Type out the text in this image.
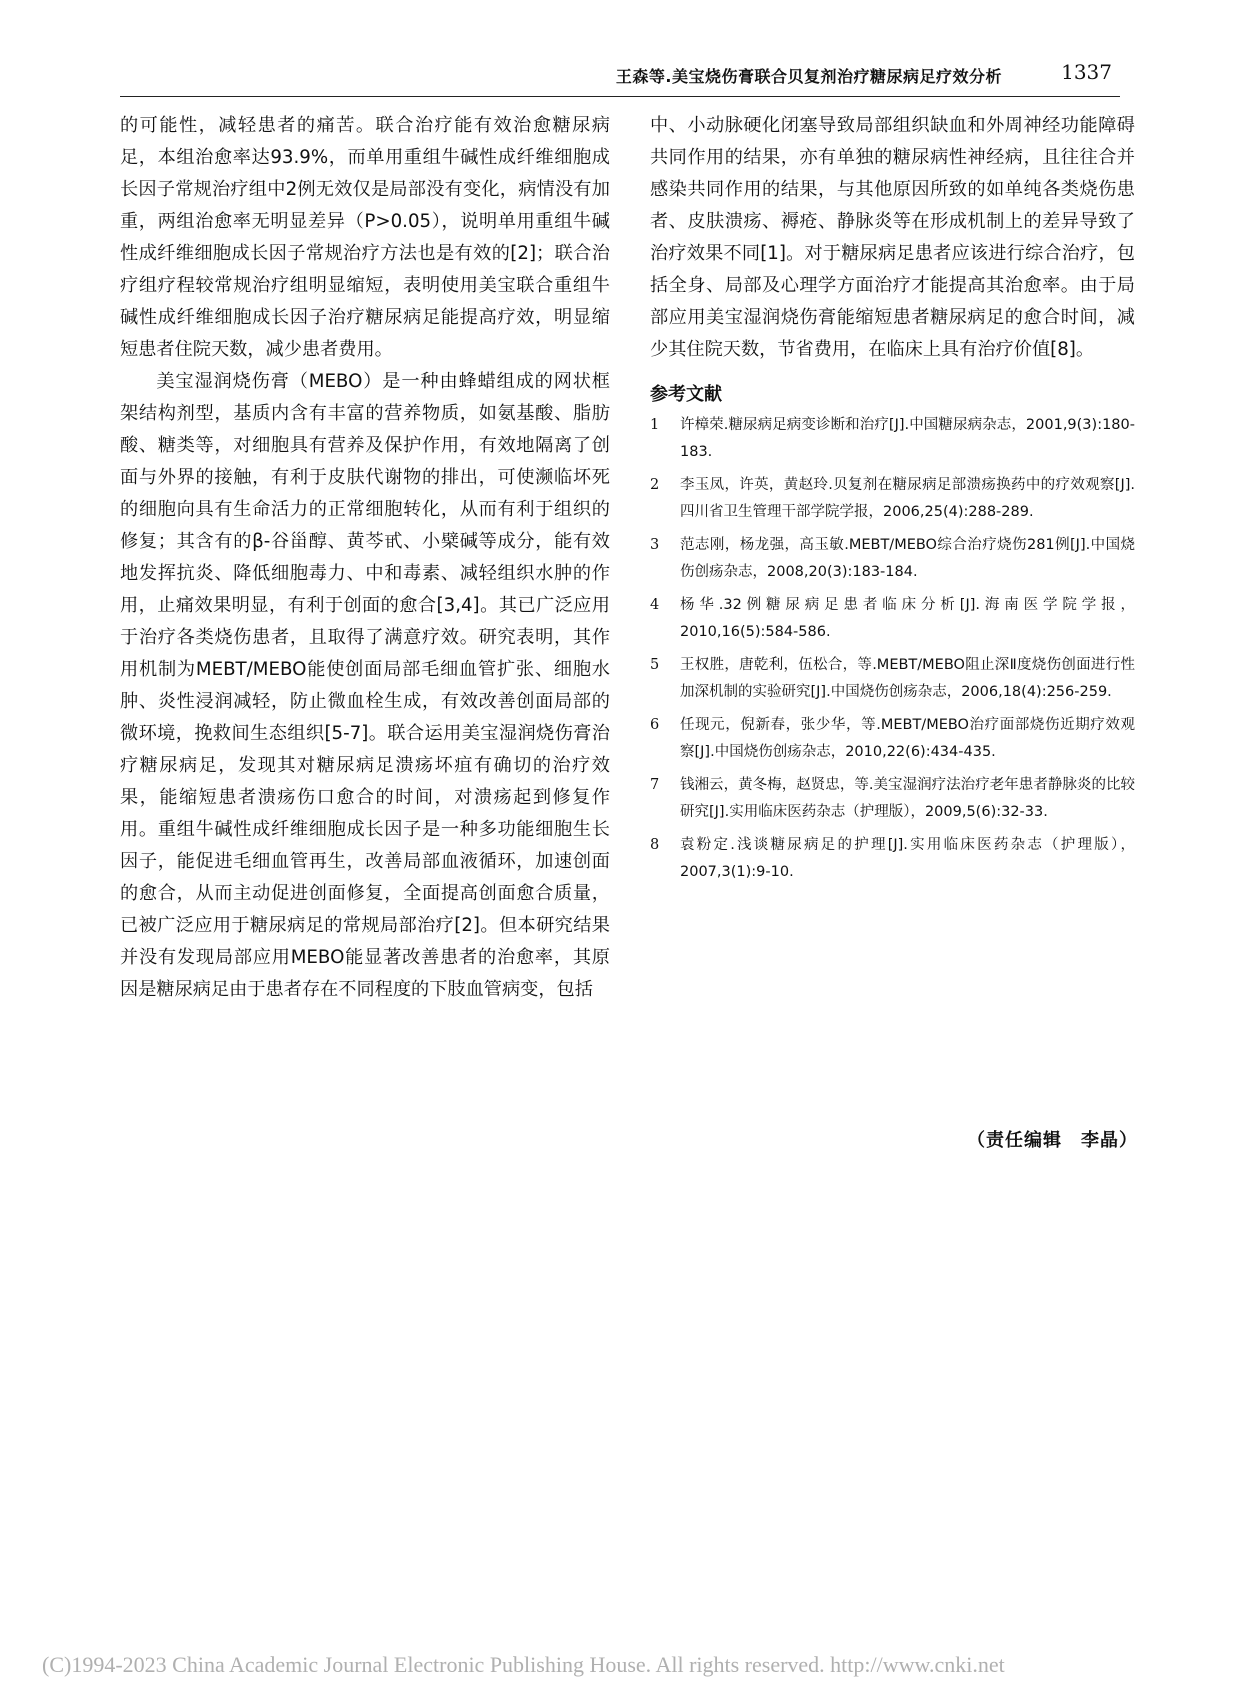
王森等.美宝烧伤膏联合贝复剂治疗糖尿病足疗效分析	1337

的可能性，减轻患者的痛苦。联合治疗能有效治愈糖尿病足，本组治愈率达93.9%，而单用重组牛碱性成纤维细胞成长因子常规治疗组中2例无效仅是局部没有变化，病情没有加重，两组治愈率无明显差异（P>0.05），说明单用重组牛碱性成纤维细胞成长因子常规治疗方法也是有效的[2]；联合治疗组疗程较常规治疗组明显缩短，表明使用美宝联合重组牛碱性成纤维细胞成长因子治疗糖尿病足能提高疗效，明显缩短患者住院天数，减少患者费用。

美宝湿润烧伤膏（MEBO）是一种由蜂蜡组成的网状框架结构剂型，基质内含有丰富的营养物质，如氨基酸、脂肪酸、糖类等，对细胞具有营养及保护作用，有效地隔离了创面与外界的接触，有利于皮肤代谢物的排出，可使濒临坏死的细胞向具有生命活力的正常细胞转化，从而有利于组织的修复；其含有的β-谷甾醇、黄芩甙、小檗碱等成分，能有效地发挥抗炎、降低细胞毒力、中和毒素、减轻组织水肿的作用，止痛效果明显，有利于创面的愈合[3,4]。其已广泛应用于治疗各类烧伤患者，且取得了满意疗效。研究表明，其作用机制为MEBT/MEBO能使创面局部毛细血管扩张、细胞水肿、炎性浸润减轻，防止微血栓生成，有效改善创面局部的微环境，挽救间生态组织[5-7]。联合运用美宝湿润烧伤膏治疗糖尿病足，发现其对糖尿病足溃疡坏疽有确切的治疗效果，能缩短患者溃疡伤口愈合的时间，对溃疡起到修复作用。重组牛碱性成纤维细胞成长因子是一种多功能细胞生长因子，能促进毛细血管再生，改善局部血液循环，加速创面的愈合，从而主动促进创面修复，全面提高创面愈合质量，已被广泛应用于糖尿病足的常规局部治疗[2]。但本研究结果并没有发现局部应用MEBO能显著改善患者的治愈率，其原因是糖尿病足由于患者存在不同程度的下肢血管病变，包括

中、小动脉硬化闭塞导致局部组织缺血和外周神经功能障碍共同作用的结果，亦有单独的糖尿病性神经病，且往往合并感染共同作用的结果，与其他原因所致的如单纯各类烧伤患者、皮肤溃疡、褥疮、静脉炎等在形成机制上的差异导致了治疗效果不同[1]。对于糖尿病足患者应该进行综合治疗，包括全身、局部及心理学方面治疗才能提高其治愈率。由于局部应用美宝湿润烧伤膏能缩短患者糖尿病足的愈合时间，减少其住院天数，节省费用，在临床上具有治疗价值[8]。

参考文献
1 许樟荣.糖尿病足病变诊断和治疗[J].中国糖尿病杂志，2001,9(3):180-183.
2 李玉凤，许英，黄赵玲.贝复剂在糖尿病足部溃疡换药中的疗效观察[J].四川省卫生管理干部学院学报，2006,25(4):288-289.
3 范志刚，杨龙强，高玉敏.MEBT/MEBO综合治疗烧伤281例[J].中国烧伤创疡杂志，2008,20(3):183-184.
4 杨华.32例糖尿病足患者临床分析[J].海南医学院学报，2010,16(5):584-586.
5 王权胜，唐乾利，伍松合，等.MEBT/MEBO阻止深Ⅱ度烧伤创面进行性加深机制的实验研究[J].中国烧伤创疡杂志，2006,18(4):256-259.
6 任现元，倪新春，张少华，等.MEBT/MEBO治疗面部烧伤近期疗效观察[J].中国烧伤创疡杂志，2010,22(6):434-435.
7 钱湘云，黄冬梅，赵贤忠，等.美宝湿润疗法治疗老年患者静脉炎的比较研究[J].实用临床医药杂志（护理版），2009,5(6):32-33.
8 袁粉定.浅谈糖尿病足的护理[J].实用临床医药杂志（护理版），2007,3(1):9-10.
（责任编辑　李晶）
(C)1994-2023 China Academic Journal Electronic Publishing House. All rights reserved. http://www.cnki.net
